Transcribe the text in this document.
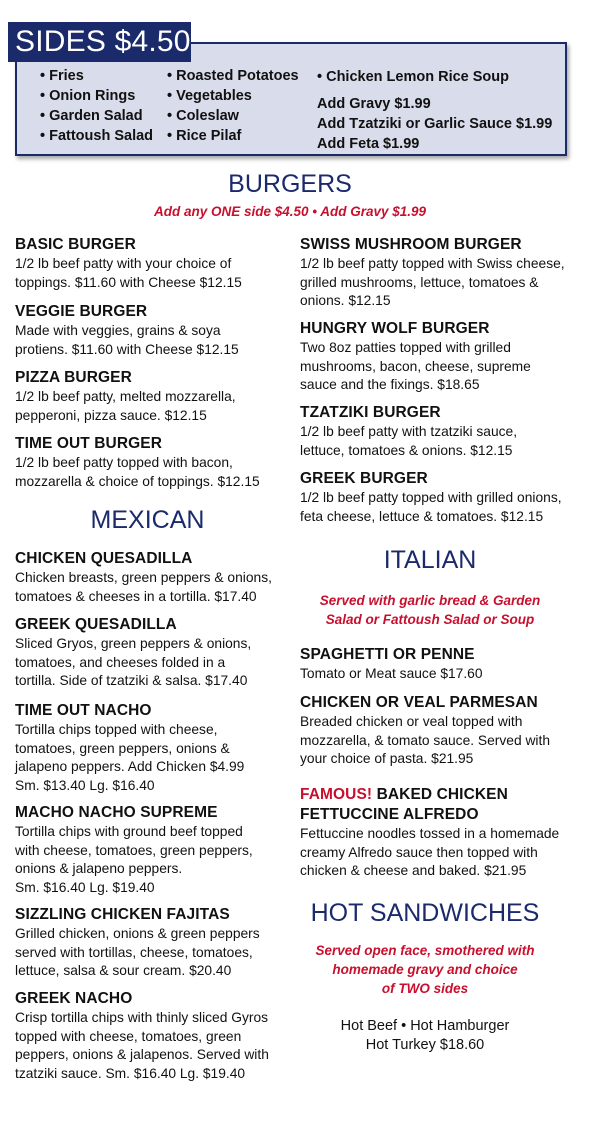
SIDES $4.50
• Fries
• Onion Rings
• Garden Salad
• Fattoush Salad
• Roasted Potatoes
• Vegetables
• Coleslaw
• Rice Pilaf
• Chicken Lemon Rice Soup
Add Gravy $1.99
Add Tzatziki or Garlic Sauce $1.99
Add Feta $1.99
BURGERS
Add any ONE side $4.50 • Add Gravy $1.99
BASIC BURGER
1/2 lb beef patty with your choice of
toppings. $11.60 with Cheese $12.15
VEGGIE BURGER
Made with veggies, grains & soya
protiens. $11.60 with Cheese $12.15
PIZZA BURGER
1/2 lb beef patty, melted mozzarella,
pepperoni, pizza sauce. $12.15
TIME OUT BURGER
1/2 lb beef patty topped with bacon,
mozzarella & choice of toppings. $12.15
SWISS MUSHROOM BURGER
1/2 lb beef patty topped with Swiss cheese,
grilled mushrooms, lettuce, tomatoes &
onions. $12.15
HUNGRY WOLF BURGER
Two 8oz patties topped with grilled
mushrooms, bacon, cheese, supreme
sauce and the fixings. $18.65
TZATZIKI BURGER
1/2 lb beef patty with tzatziki sauce,
lettuce, tomatoes & onions. $12.15
GREEK BURGER
1/2 lb beef patty topped with grilled onions,
feta cheese, lettuce & tomatoes. $12.15
MEXICAN
CHICKEN QUESADILLA
Chicken breasts, green peppers & onions,
tomatoes & cheeses in a tortilla. $17.40
GREEK QUESADILLA
Sliced Gryos, green peppers & onions,
tomatoes, and cheeses folded in a
tortilla. Side of tzatziki & salsa. $17.40
TIME OUT NACHO
Tortilla chips topped with cheese,
tomatoes, green peppers, onions &
jalapeno peppers. Add Chicken $4.99
Sm. $13.40 Lg. $16.40
MACHO NACHO SUPREME
Tortilla chips with ground beef topped
with cheese, tomatoes, green peppers,
onions & jalapeno peppers.
Sm. $16.40 Lg. $19.40
SIZZLING CHICKEN FAJITAS
Grilled chicken, onions & green peppers
served with tortillas, cheese, tomatoes,
lettuce, salsa & sour cream. $20.40
GREEK NACHO
Crisp tortilla chips with thinly sliced Gyros
topped with cheese, tomatoes, green
peppers, onions & jalapenos. Served with
tzatziki sauce. Sm. $16.40 Lg. $19.40
ITALIAN
Served with garlic bread & Garden
Salad or Fattoush Salad or Soup
SPAGHETTI OR PENNE
Tomato or Meat sauce $17.60
CHICKEN OR VEAL PARMESAN
Breaded chicken or veal topped with
mozzarella, & tomato sauce. Served with
your choice of pasta. $21.95
FAMOUS! BAKED CHICKEN
FETTUCCINE ALFREDO
Fettuccine noodles tossed in a homemade
creamy Alfredo sauce then topped with
chicken & cheese and baked. $21.95
HOT SANDWICHES
Served open face, smothered with
homemade gravy and choice
of TWO sides
Hot Beef • Hot Hamburger
Hot Turkey $18.60
